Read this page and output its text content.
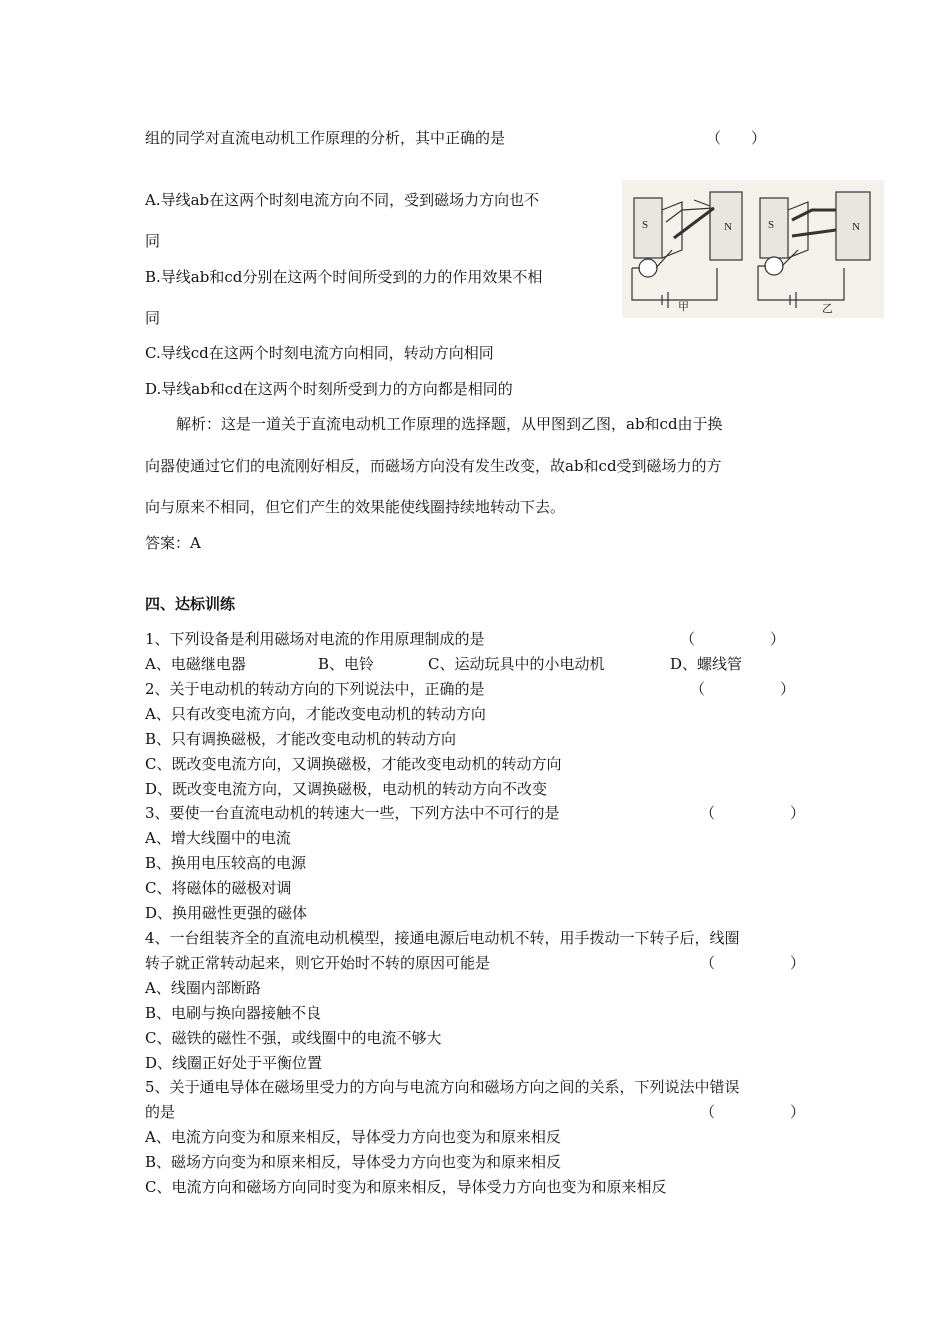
组的同学对直流电动机工作原理的分析，其中正确的是	（　　）
A.导线ab在这两个时刻电流方向不同，受到磁场力方向也不
同
B.导线ab和cd分别在这两个时间所受到的力的作用效果不相
同
C.导线cd在这两个时刻电流方向相同，转动方向相同
D.导线ab和cd在这两个时刻所受到力的方向都是相同的
S	N
甲
S	N
乙
解析：这是一道关于直流电动机工作原理的选择题，从甲图到乙图，ab和cd由于换
向器使通过它们的电流刚好相反，而磁场方向没有发生改变，故ab和cd受到磁场力的方
向与原来不相同，但它们产生的效果能使线圈持续地转动下去。
答案：A
四、达标训练
1、下列设备是利用磁场对电流的作用原理制成的是	（　　　　　）
A、电磁继电器	B、电铃	C、运动玩具中的小电动机	D、螺线管
2、关于电动机的转动方向的下列说法中，正确的是	（　　　　　）
A、只有改变电流方向，才能改变电动机的转动方向
B、只有调换磁极，才能改变电动机的转动方向
C、既改变电流方向，又调换磁极，才能改变电动机的转动方向
D、既改变电流方向，又调换磁极，电动机的转动方向不改变
3、要使一台直流电动机的转速大一些，下列方法中不可行的是	（　　　　　）
A、增大线圈中的电流
B、换用电压较高的电源
C、将磁体的磁极对调
D、换用磁性更强的磁体
4、一台组装齐全的直流电动机模型，接通电源后电动机不转，用手拨动一下转子后，线圈
转子就正常转动起来，则它开始时不转的原因可能是	（　　　　　）
A、线圈内部断路
B、电刷与换向器接触不良
C、磁铁的磁性不强，或线圈中的电流不够大
D、线圈正好处于平衡位置
5、关于通电导体在磁场里受力的方向与电流方向和磁场方向之间的关系，下列说法中错误
的是	（　　　　　）
A、电流方向变为和原来相反，导体受力方向也变为和原来相反
B、磁场方向变为和原来相反，导体受力方向也变为和原来相反
C、电流方向和磁场方向同时变为和原来相反，导体受力方向也变为和原来相反
